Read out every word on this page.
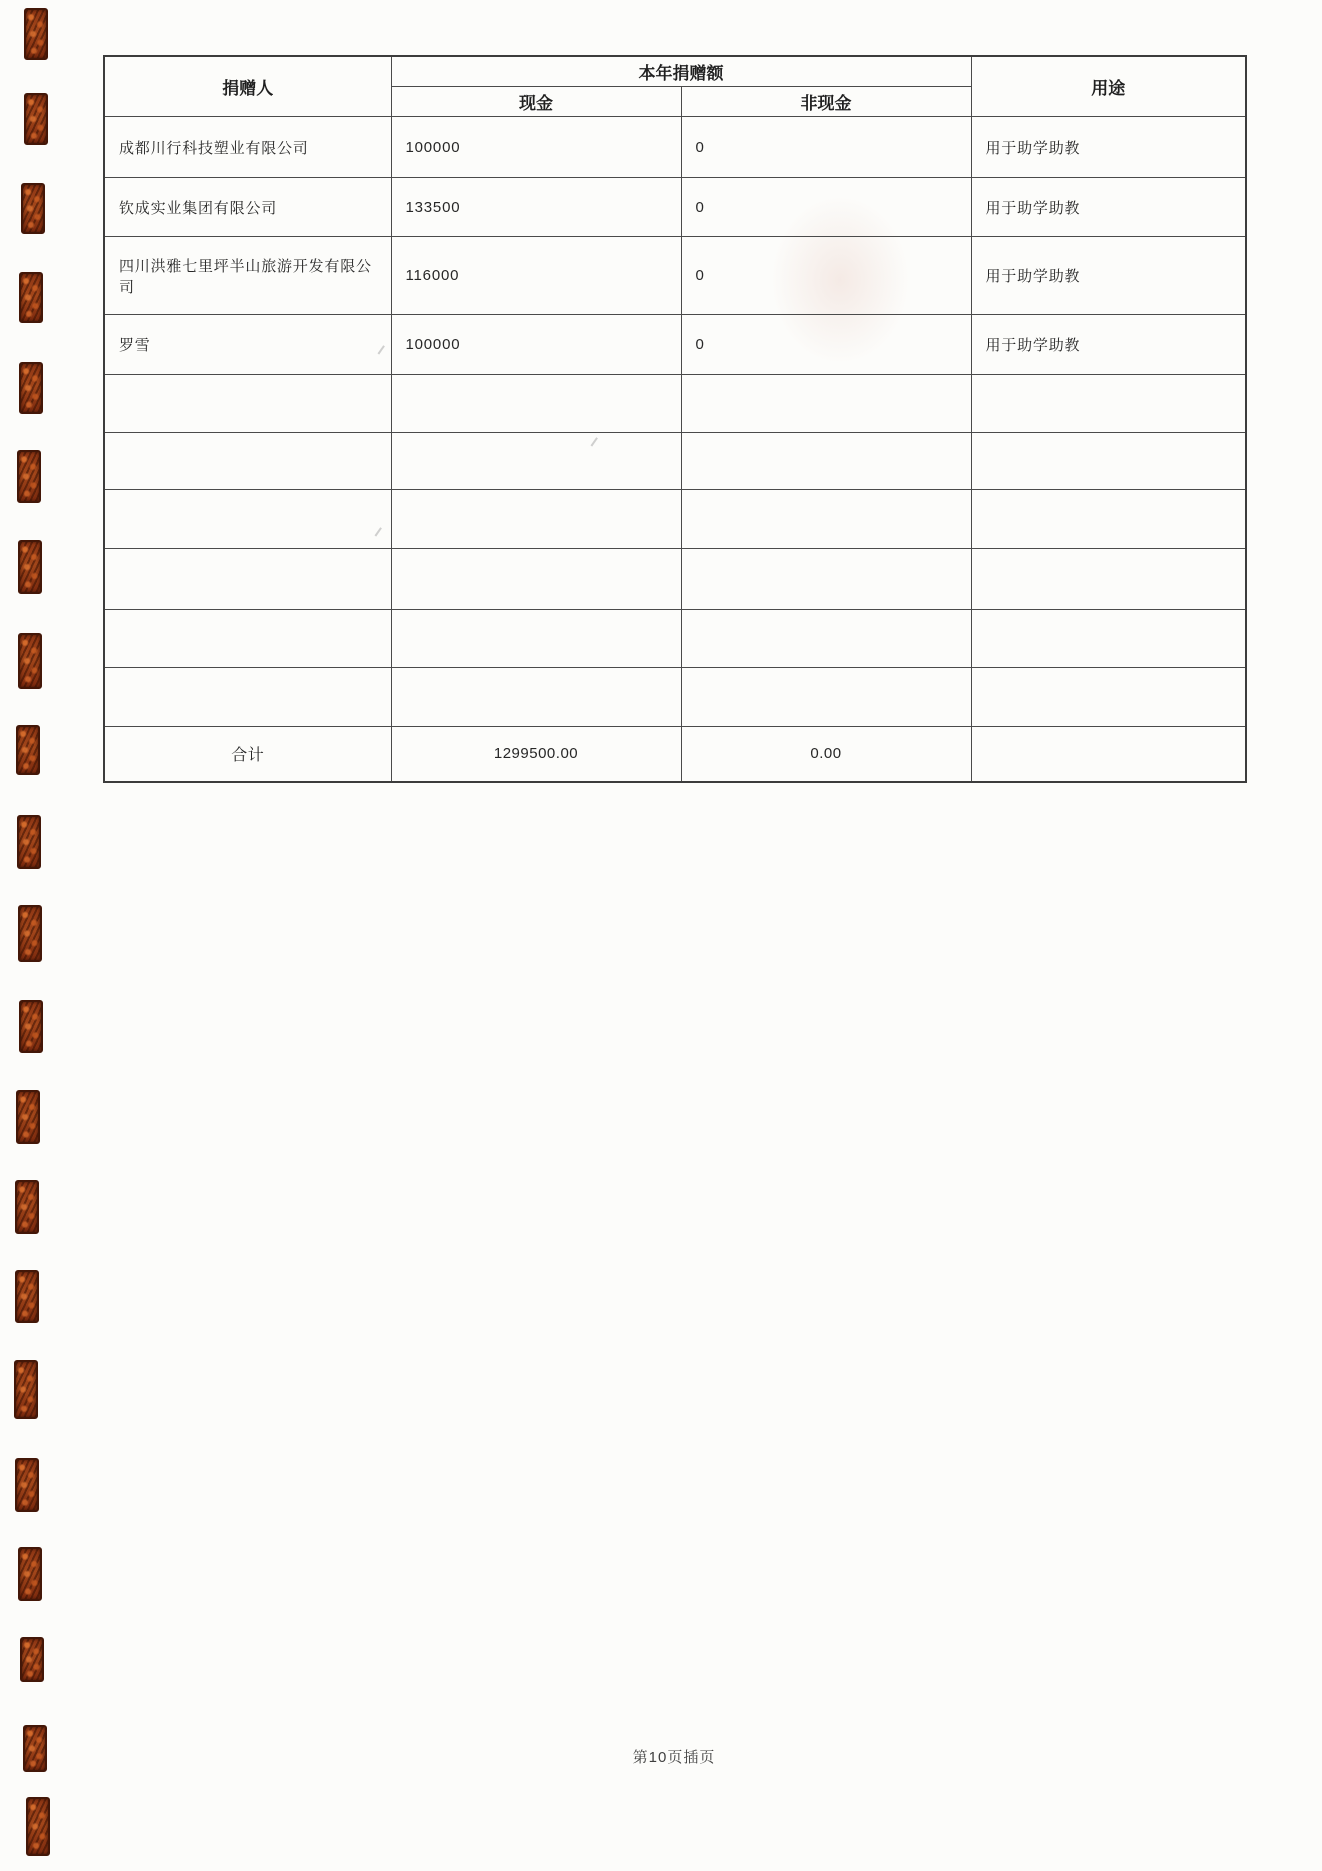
捐赠人	本年捐赠额		用途
	现金	非现金	
成都川行科技塑业有限公司	100000	0	用于助学助教
钦成实业集团有限公司	133500	0	用于助学助教
四川洪雅七里坪半山旅游开发有限公司	116000	0	用于助学助教
罗雪	100000	0	用于助学助教

合计	1299500.00	0.00	
第10页插页
